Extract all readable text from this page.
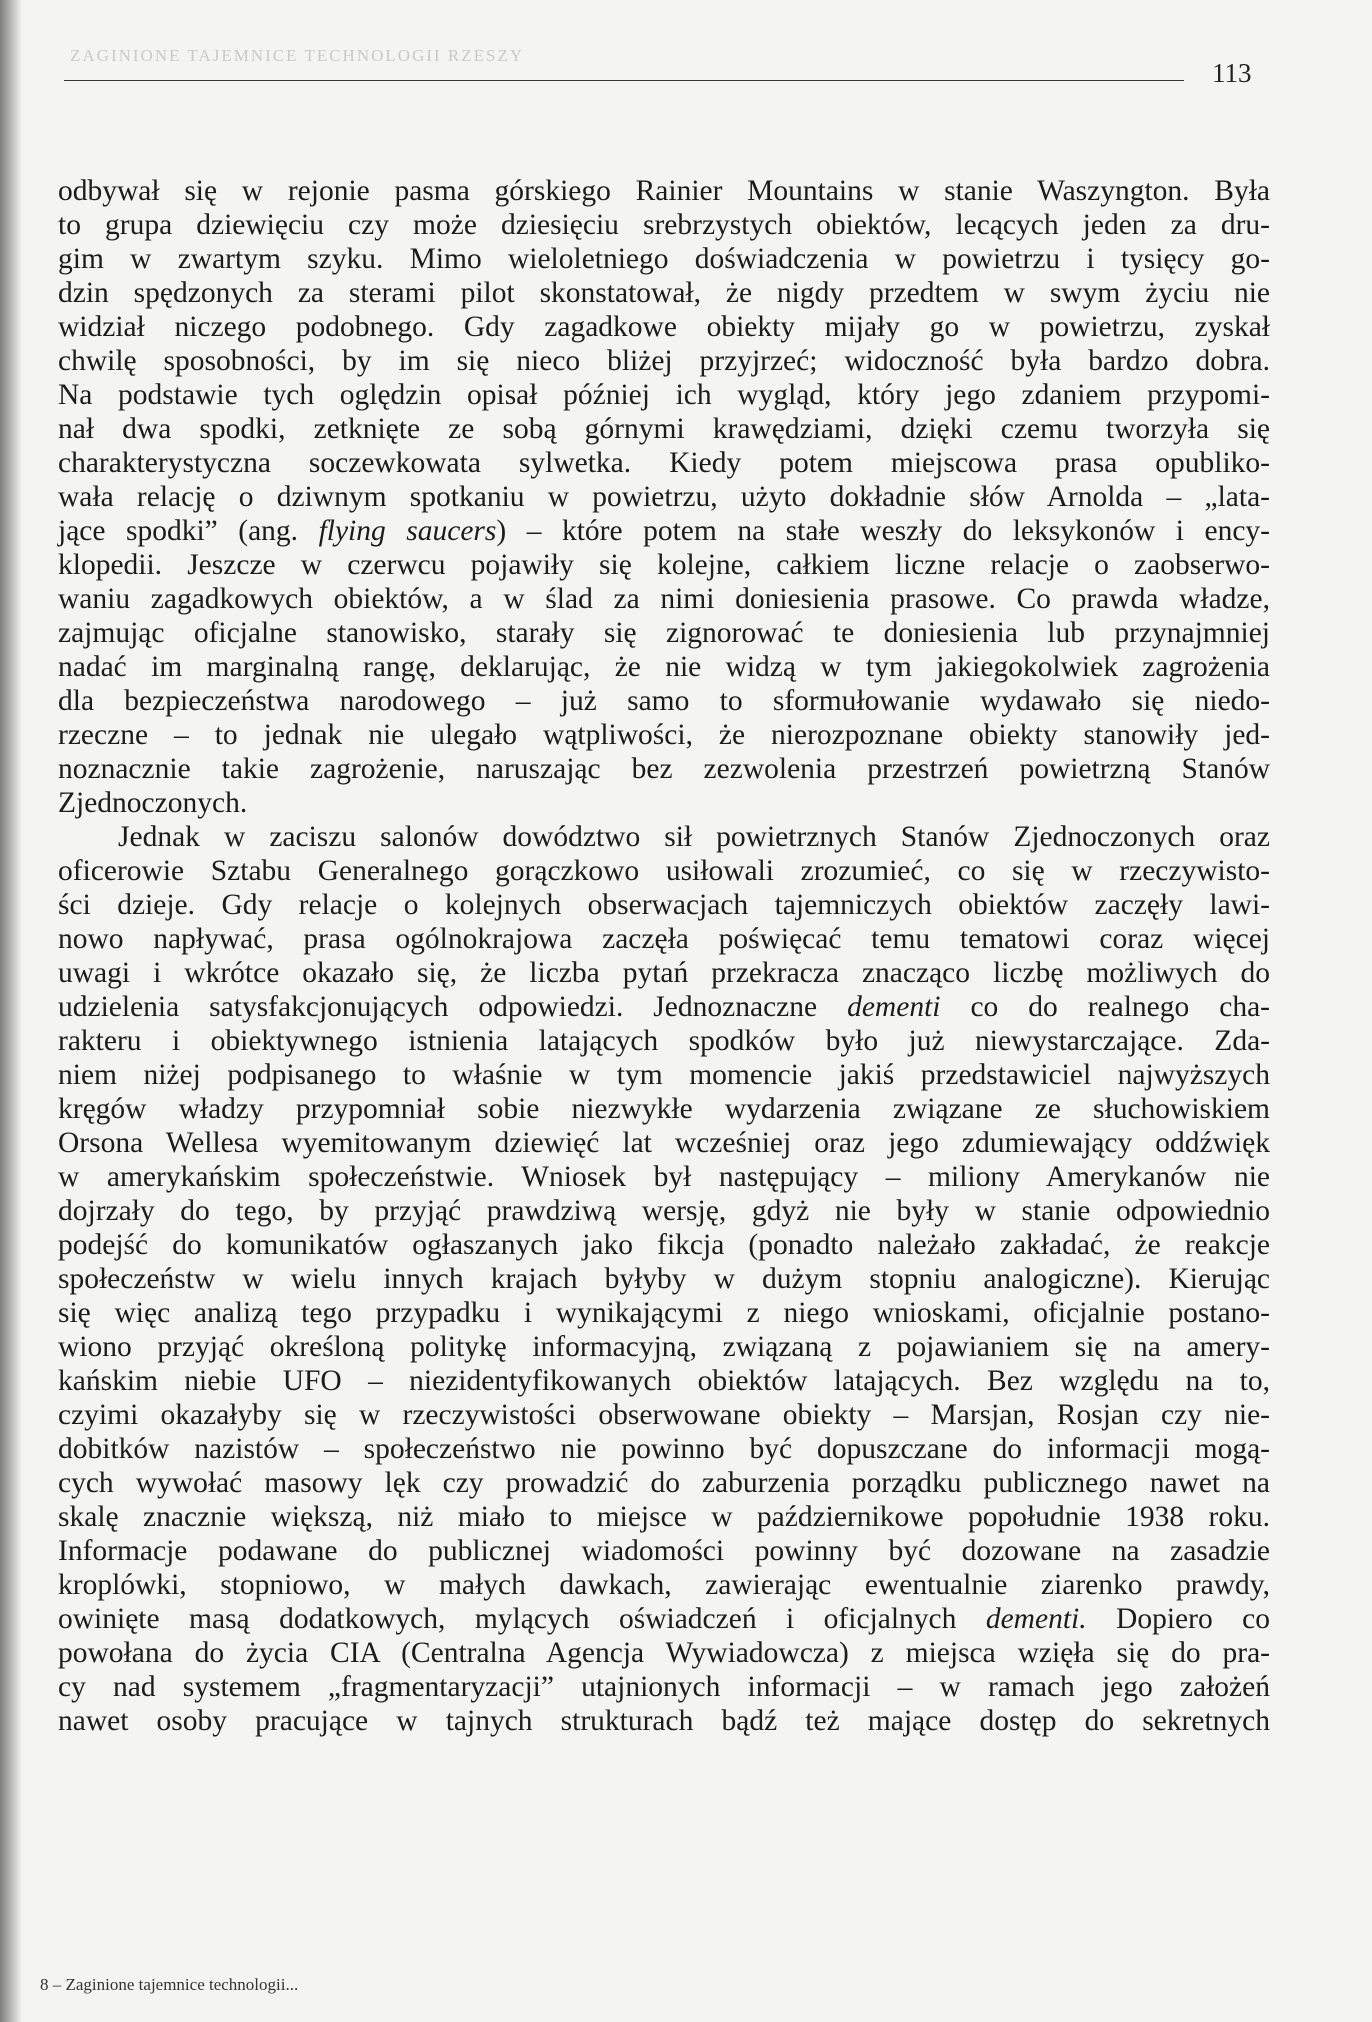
ZAGINIONE TAJEMNICE TECHNOLOGII RZESZY
113
odbywał się w rejonie pasma górskiego Rainier Mountains w stanie Waszyngton. Była
to grupa dziewięciu czy może dziesięciu srebrzystych obiektów, lecących jeden za dru-
gim w zwartym szyku. Mimo wieloletniego doświadczenia w powietrzu i tysięcy go-
dzin spędzonych za sterami pilot skonstatował, że nigdy przedtem w swym życiu nie
widział niczego podobnego. Gdy zagadkowe obiekty mijały go w powietrzu, zyskał
chwilę sposobności, by im się nieco bliżej przyjrzeć; widoczność była bardzo dobra.
Na podstawie tych oględzin opisał później ich wygląd, który jego zdaniem przypomi-
nał dwa spodki, zetknięte ze sobą górnymi krawędziami, dzięki czemu tworzyła się
charakterystyczna soczewkowata sylwetka. Kiedy potem miejscowa prasa opubliko-
wała relację o dziwnym spotkaniu w powietrzu, użyto dokładnie słów Arnolda – „lata-
jące spodki” (ang. flying saucers) – które potem na stałe weszły do leksykonów i ency-
klopedii. Jeszcze w czerwcu pojawiły się kolejne, całkiem liczne relacje o zaobserwo-
waniu zagadkowych obiektów, a w ślad za nimi doniesienia prasowe. Co prawda władze,
zajmując oficjalne stanowisko, starały się zignorować te doniesienia lub przynajmniej
nadać im marginalną rangę, deklarując, że nie widzą w tym jakiegokolwiek zagrożenia
dla bezpieczeństwa narodowego – już samo to sformułowanie wydawało się niedo-
rzeczne – to jednak nie ulegało wątpliwości, że nierozpoznane obiekty stanowiły jed-
noznacznie takie zagrożenie, naruszając bez zezwolenia przestrzeń powietrzną Stanów
Zjednoczonych.
Jednak w zaciszu salonów dowództwo sił powietrznych Stanów Zjednoczonych oraz
oficerowie Sztabu Generalnego gorączkowo usiłowali zrozumieć, co się w rzeczywisto-
ści dzieje. Gdy relacje o kolejnych obserwacjach tajemniczych obiektów zaczęły lawi-
nowo napływać, prasa ogólnokrajowa zaczęła poświęcać temu tematowi coraz więcej
uwagi i wkrótce okazało się, że liczba pytań przekracza znacząco liczbę możliwych do
udzielenia satysfakcjonujących odpowiedzi. Jednoznaczne dementi co do realnego cha-
rakteru i obiektywnego istnienia latających spodków było już niewystarczające. Zda-
niem niżej podpisanego to właśnie w tym momencie jakiś przedstawiciel najwyższych
kręgów władzy przypomniał sobie niezwykłe wydarzenia związane ze słuchowiskiem
Orsona Wellesa wyemitowanym dziewięć lat wcześniej oraz jego zdumiewający oddźwięk
w amerykańskim społeczeństwie. Wniosek był następujący – miliony Amerykanów nie
dojrzały do tego, by przyjąć prawdziwą wersję, gdyż nie były w stanie odpowiednio
podejść do komunikatów ogłaszanych jako fikcja (ponadto należało zakładać, że reakcje
społeczeństw w wielu innych krajach byłyby w dużym stopniu analogiczne). Kierując
się więc analizą tego przypadku i wynikającymi z niego wnioskami, oficjalnie postano-
wiono przyjąć określoną politykę informacyjną, związaną z pojawianiem się na amery-
kańskim niebie UFO – niezidentyfikowanych obiektów latających. Bez względu na to,
czyimi okazałyby się w rzeczywistości obserwowane obiekty – Marsjan, Rosjan czy nie-
dobitków nazistów – społeczeństwo nie powinno być dopuszczane do informacji mogą-
cych wywołać masowy lęk czy prowadzić do zaburzenia porządku publicznego nawet na
skalę znacznie większą, niż miało to miejsce w październikowe popołudnie 1938 roku.
Informacje podawane do publicznej wiadomości powinny być dozowane na zasadzie
kroplówki, stopniowo, w małych dawkach, zawierając ewentualnie ziarenko prawdy,
owinięte masą dodatkowych, mylących oświadczeń i oficjalnych dementi. Dopiero co
powołana do życia CIA (Centralna Agencja Wywiadowcza) z miejsca wzięła się do pra-
cy nad systemem „fragmentaryzacji” utajnionych informacji – w ramach jego założeń
nawet osoby pracujące w tajnych strukturach bądź też mające dostęp do sekretnych
8 – Zaginione tajemnice technologii...
